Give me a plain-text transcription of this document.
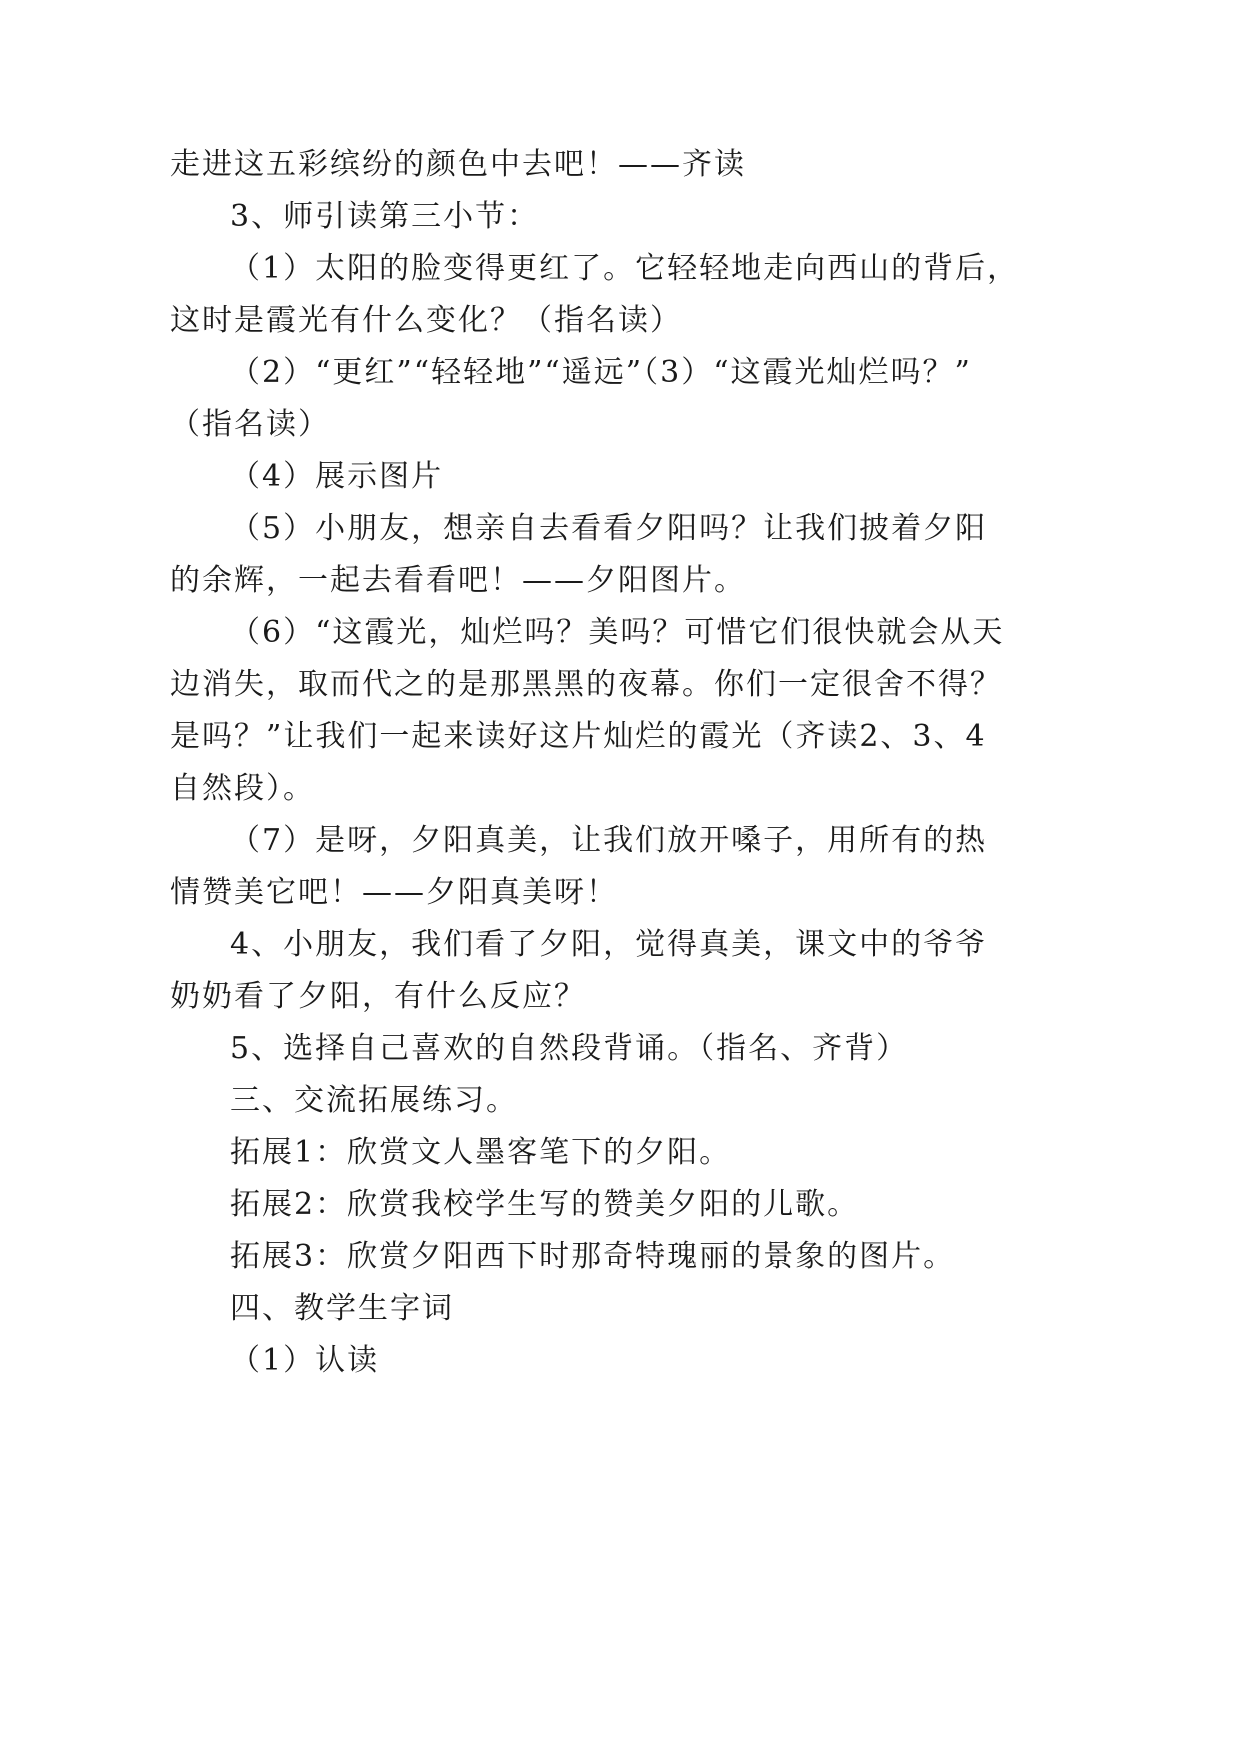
走进这五彩缤纷的颜色中去吧！——齐读
3、师引读第三小节：
（1）太阳的脸变得更红了。它轻轻地走向西山的背后，
这时是霞光有什么变化？（指名读）
（2）“更红”“轻轻地”“遥远”（3）“这霞光灿烂吗？”
（指名读）
（4）展示图片
（5）小朋友，想亲自去看看夕阳吗？让我们披着夕阳
的余辉，一起去看看吧！——夕阳图片。
（6）“这霞光，灿烂吗？美吗？可惜它们很快就会从天
边消失，取而代之的是那黑黑的夜幕。你们一定很舍不得？
是吗？”让我们一起来读好这片灿烂的霞光（齐读2、3、4
自然段）。
（7）是呀，夕阳真美，让我们放开嗓子，用所有的热
情赞美它吧！——夕阳真美呀！
4、小朋友，我们看了夕阳，觉得真美，课文中的爷爷
奶奶看了夕阳，有什么反应？
5、选择自己喜欢的自然段背诵。（指名、齐背）
三、交流拓展练习。
拓展1：欣赏文人墨客笔下的夕阳。
拓展2：欣赏我校学生写的赞美夕阳的儿歌。
拓展3：欣赏夕阳西下时那奇特瑰丽的景象的图片。
四、教学生字词
（1）认读
